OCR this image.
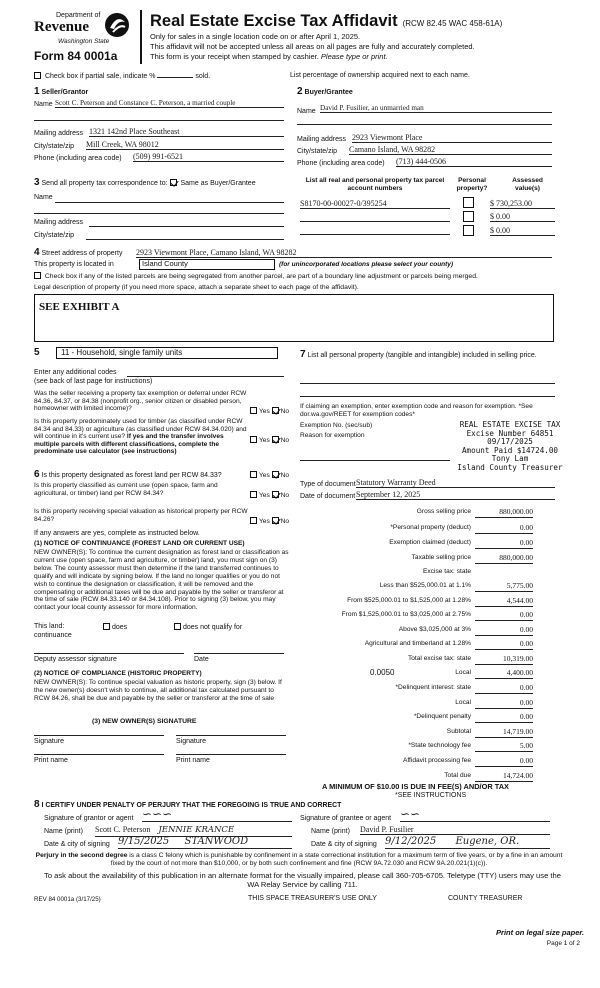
Department of
Revenue
Washington State
Form 84 0001a
Real Estate Excise Tax Affidavit (RCW 82.45 WAC 458-61A)
Only for sales in a single location code on or after April 1, 2025.
This affidavit will not be accepted unless all areas on all pages are fully and accurately completed.
This form is your receipt when stamped by cashier. Please type or print.
Check box if partial sale, indicate %	sold.	List percentage of ownership acquired next to each name.
1 Seller/Grantor
Name Scott C. Peterson and Constance C. Peterson, a married couple
Mailing address 1321 142nd Place Southeast
City/state/zip Mill Creek, WA 98012
Phone (including area code) (509) 991-6521
2 Buyer/Grantee
Name David P. Fusilier, an unmarried man
Mailing address 2923 Viewmont Place
City/state/zip Camano Island, WA 98282
Phone (including area code) (713) 444-0506
3 Send all property tax correspondence to: Same as Buyer/Grantee
Name
Mailing address
City/state/zip
List all real and personal property tax parcel account numbers
Personal property?
Assessed value(s)
S8170-00-00027-0/395254	$ 730,253.00
$ 0.00
$ 0.00
4 Street address of property 2923 Viewmont Place, Camano Island, WA 98282
This property is located in	Island County	(for unincorporated locations please select your county)
Check box if any of the listed parcels are being segregated from another parcel, are part of a boundary line adjustment or parcels being merged.
Legal description of property (if you need more space, attach a separate sheet to each page of the affidavit).
SEE EXHIBIT A
5	11 - Household, single family units
Enter any additional codes
(see back of last page for instructions)
Was the seller receiving a property tax exemption or deferral under RCW 84.36, 84.37, or 84.38 (nonprofit org., senior citizen or disabled person, homeowner with limited income)?	Yes No
Is this property predominately used for timber (as classified under RCW 84.34 and 84.33) or agriculture (as classified under RCW 84.34.020) and will continue in it's current use? If yes and the transfer involves multiple parcels with different classifications, complete the predominate use calculator (see instructions)
Yes No
6 Is this property designated as forest land per RCW 84.33?	Yes No
Is this property classified as current use (open space, farm and agricultural, or timber) land per RCW 84.34?	Yes No
Is this property receiving special valuation as historical property per RCW 84.26?	Yes No
If any answers are yes, complete as instructed below.
(1) NOTICE OF CONTINUANCE (FOREST LAND OR CURRENT USE)
NEW OWNER(S): To continue the current designation as forest land or classification as current use (open space, farm and agriculture, or timber) land, you must sign on (3) below. The county assessor must then determine if the land transferred continues to qualify and will indicate by signing below. If the land no longer qualifies or you do not wish to continue the designation or classification, it will be removed and the compensating or additional taxes will be due and payable by the seller or transferor at the time of sale (RCW 84.33.140 or 84.34.108). Prior to signing (3) below, you may contact your local county assessor for more information.
This land:	does	does not qualify for
continuance
Deputy assessor signature	Date
(2) NOTICE OF COMPLIANCE (HISTORIC PROPERTY)
NEW OWNER(S): To continue special valuation as historic property, sign (3) below. If the new owner(s) doesn't wish to continue, all additional tax calculated pursuant to RCW 84.26, shall be due and payable by the seller or transferor at the time of sale
(3) NEW OWNER(S) SIGNATURE
Signature	Signature
Print name	Print name
7 List all personal property (tangible and intangible) included in selling price.
If claiming an exemption, enter exemption code and reason for exemption. *See dor.wa.gov/REET for exemption codes*
Exemption No. (sec/sub)
Reason for exemption
REAL ESTATE EXCISE TAX
Excise Number 64851
09/17/2025
Amount Paid $14724.00
Tony Lam
Island County Treasurer
Type of document Statutory Warranty Deed
Date of document September 12, 2025
Gross selling price	880,000.00
*Personal property (deduct)	0.00
Exemption claimed (deduct)	0.00
Taxable selling price	880,000.00
Excise tax: state
Less than $525,000.01 at 1.1%	5,775.00
From $525,000.01 to $1,525,000 at 1.28%	4,544.00
From $1,525,000.01 to $3,025,000 at 2.75%	0.00
Above $3,025,000 at 3%	0.00
Agricultural and timberland at 1.28%	0.00
Total excise tax: state	10,319.00
0.0050	Local	4,400.00
*Delinquent interest: state	0.00
Local	0.00
*Delinquent penalty	0.00
Subtotal	14,719.00
*State technology fee	5.00
Affidavit processing fee	0.00
Total due	14,724.00
A MINIMUM OF $10.00 IS DUE IN FEE(S) AND/OR TAX
*SEE INSTRUCTIONS
8 I CERTIFY UNDER PENALTY OF PERJURY THAT THE FOREGOING IS TRUE AND CORRECT
Signature of grantor or agent ∽∽∽	Signature of grantee or agent ∽∽
Name (print) Scott C. Peterson JENNIE KRANCE	Name (print) David P. Fusilier
Date & city of signing 9/15/2025 STANWOOD	Date & city of signing 9/12/2025 Eugene, OR.
Perjury in the second degree is a class C felony which is punishable by confinement in a state correctional institution for a maximum term of five years, or by a fine in an amount fixed by the court of not more than $10,000, or by both such confinement and fine (RCW 9A.72.030 and RCW 9A.20.021(1)(c)).
To ask about the availability of this publication in an alternate format for the visually impaired, please call 360-705-6705. Teletype (TTY) users may use the WA Relay Service by calling 711.
REV 84 0001a (3/17/25)	THIS SPACE TREASURER'S USE ONLY	COUNTY TREASURER
Print on legal size paper.
Page 1 of 2
